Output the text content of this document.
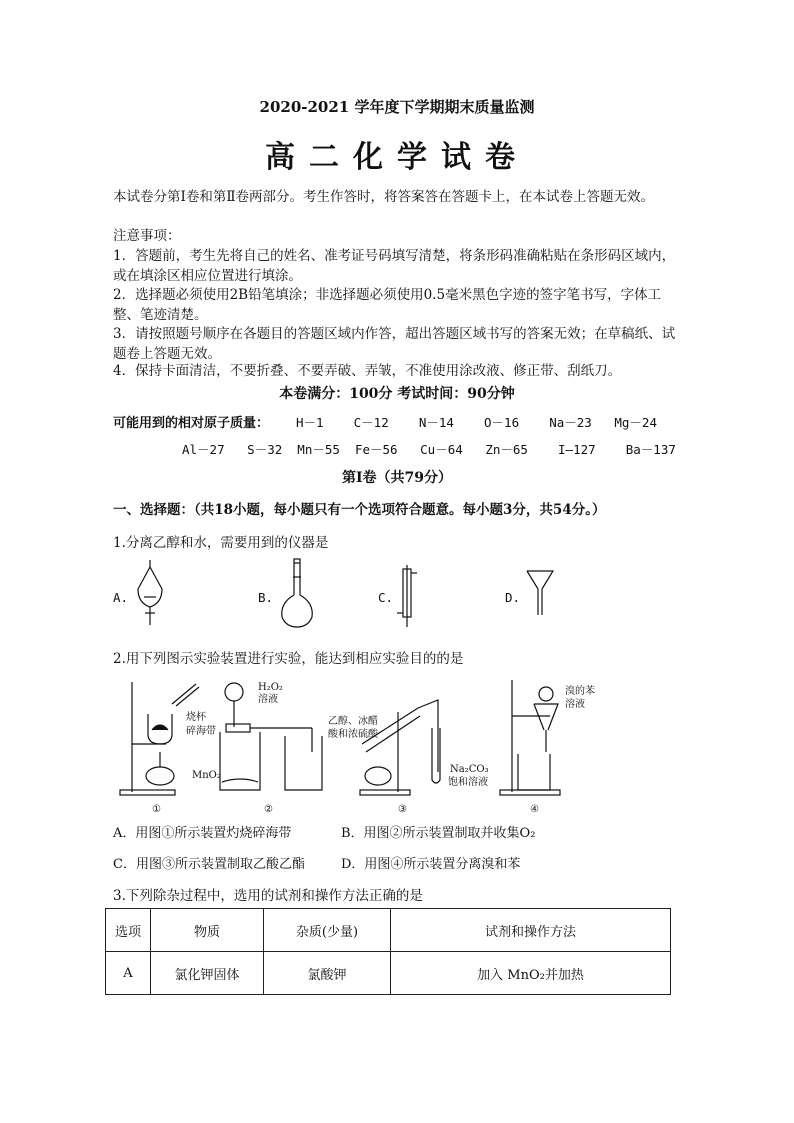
2020-2021 学年度下学期期末质量监测
高二化学试卷
本试卷分第Ⅰ卷和第Ⅱ卷两部分。考生作答时，将答案答在答题卡上，在本试卷上答题无效。
注意事项：
1．答题前，考生先将自己的姓名、准考证号码填写清楚，将条形码准确粘贴在条形码区域内，或在填涂区相应位置进行填涂。
2．选择题必须使用2B铅笔填涂；非选择题必须使用0.5毫米黑色字迹的签字笔书写，字体工整、笔迹清楚。
3．请按照题号顺序在各题目的答题区域内作答，超出答题区域书写的答案无效；在草稿纸、试题卷上答题无效。
4．保持卡面清洁，不要折叠、不要弄破、弄皱，不准使用涂改液、修正带、刮纸刀。
本卷满分：100分 考试时间：90分钟
可能用到的相对原子质量： H－1    C－12    N－14    O－16    Na－23   Mg－24
Al－27   S－32  Mn－55  Fe－56   Cu－64   Zn－65    I—127    Ba－137
第Ⅰ卷（共79分）
一、选择题：（共18小题，每小题只有一个选项符合题意。每小题3分，共54分。）
1.分离乙醇和水，需要用到的仪器是
A.	B.	C.	D.
2.用下列图示实验装置进行实验，能达到相应实验目的的是
烧杯
碎海带
①
H₂O₂
溶液
MnO₂
②
乙醇、冰醋
酸和浓硫酸
Na₂CO₃
饱和溶液
③
溴的苯
溶液
④
A．用图①所示装置灼烧碎海带	B．用图②所示装置制取并收集O₂
C．用图③所示装置制取乙酸乙酯	D．用图④所示装置分离溴和苯
3.下列除杂过程中，选用的试剂和操作方法正确的是
选项	物质	杂质(少量)	试剂和操作方法
A	氯化钾固体	氯酸钾	加入 MnO₂并加热
